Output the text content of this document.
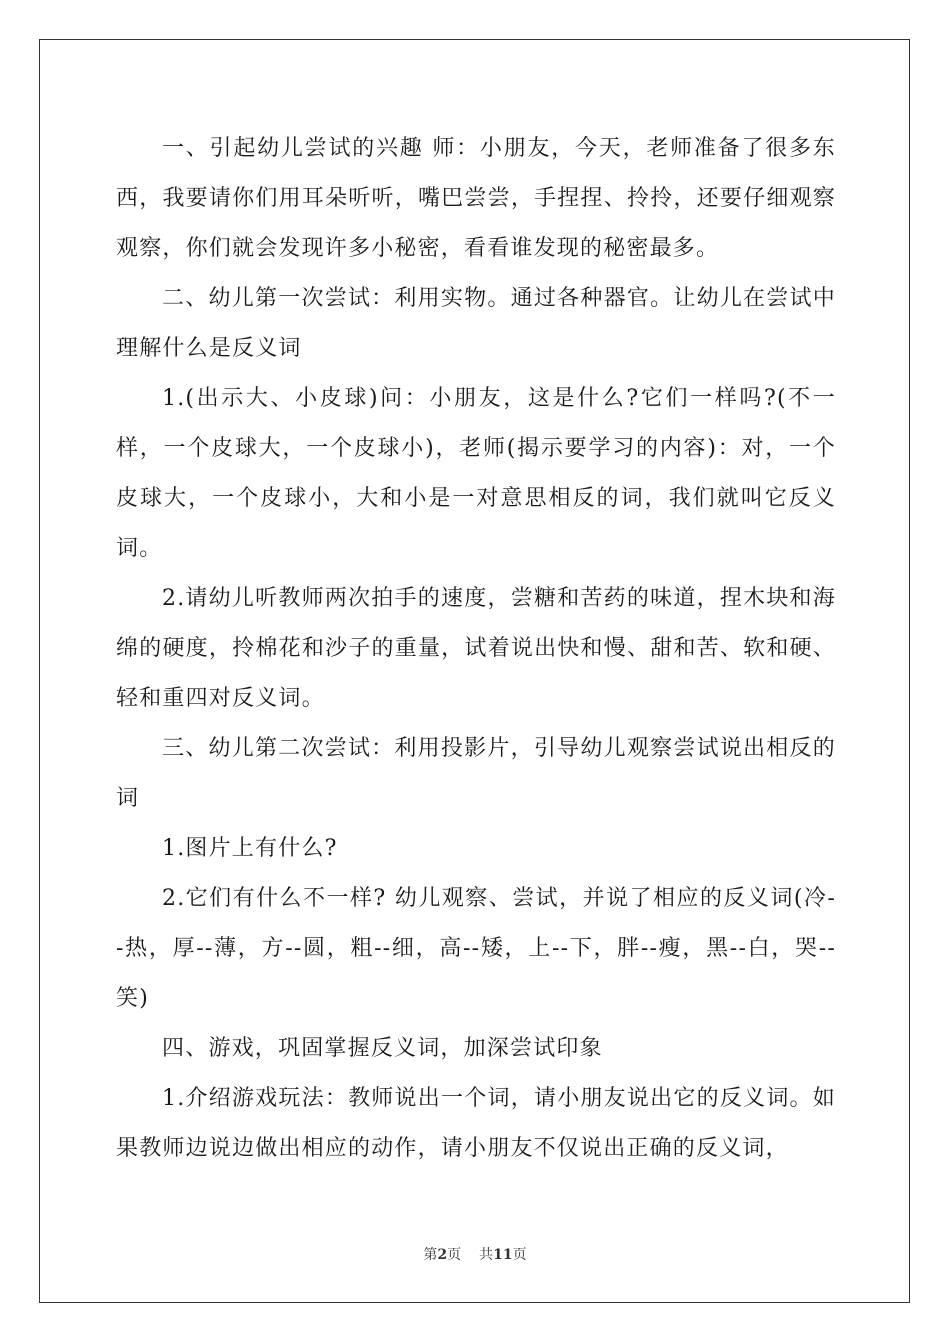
一、引起幼儿尝试的兴趣 师：小朋友，今天，老师准备了很多东西，我要请你们用耳朵听听，嘴巴尝尝，手捏捏、拎拎，还要仔细观察观察，你们就会发现许多小秘密，看看谁发现的秘密最多。

二、幼儿第一次尝试：利用实物。通过各种器官。让幼儿在尝试中理解什么是反义词

1.(出示大、小皮球)问：小朋友，这是什么?它们一样吗?(不一样，一个皮球大，一个皮球小)，老师(揭示要学习的内容)：对，一个皮球大，一个皮球小，大和小是一对意思相反的词，我们就叫它反义词。

2.请幼儿听教师两次拍手的速度，尝糖和苦药的味道，捏木块和海绵的硬度，拎棉花和沙子的重量，试着说出快和慢、甜和苦、软和硬、轻和重四对反义词。

三、幼儿第二次尝试：利用投影片，引导幼儿观察尝试说出相反的词

1.图片上有什么?

2.它们有什么不一样? 幼儿观察、尝试，并说了相应的反义词(冷--热，厚--薄，方--圆，粗--细，高--矮，上--下，胖--瘦，黑--白，哭--笑)

四、游戏，巩固掌握反义词，加深尝试印象

1.介绍游戏玩法：教师说出一个词，请小朋友说出它的反义词。如果教师边说边做出相应的动作，请小朋友不仅说出正确的反义词，

第2页 共11页
